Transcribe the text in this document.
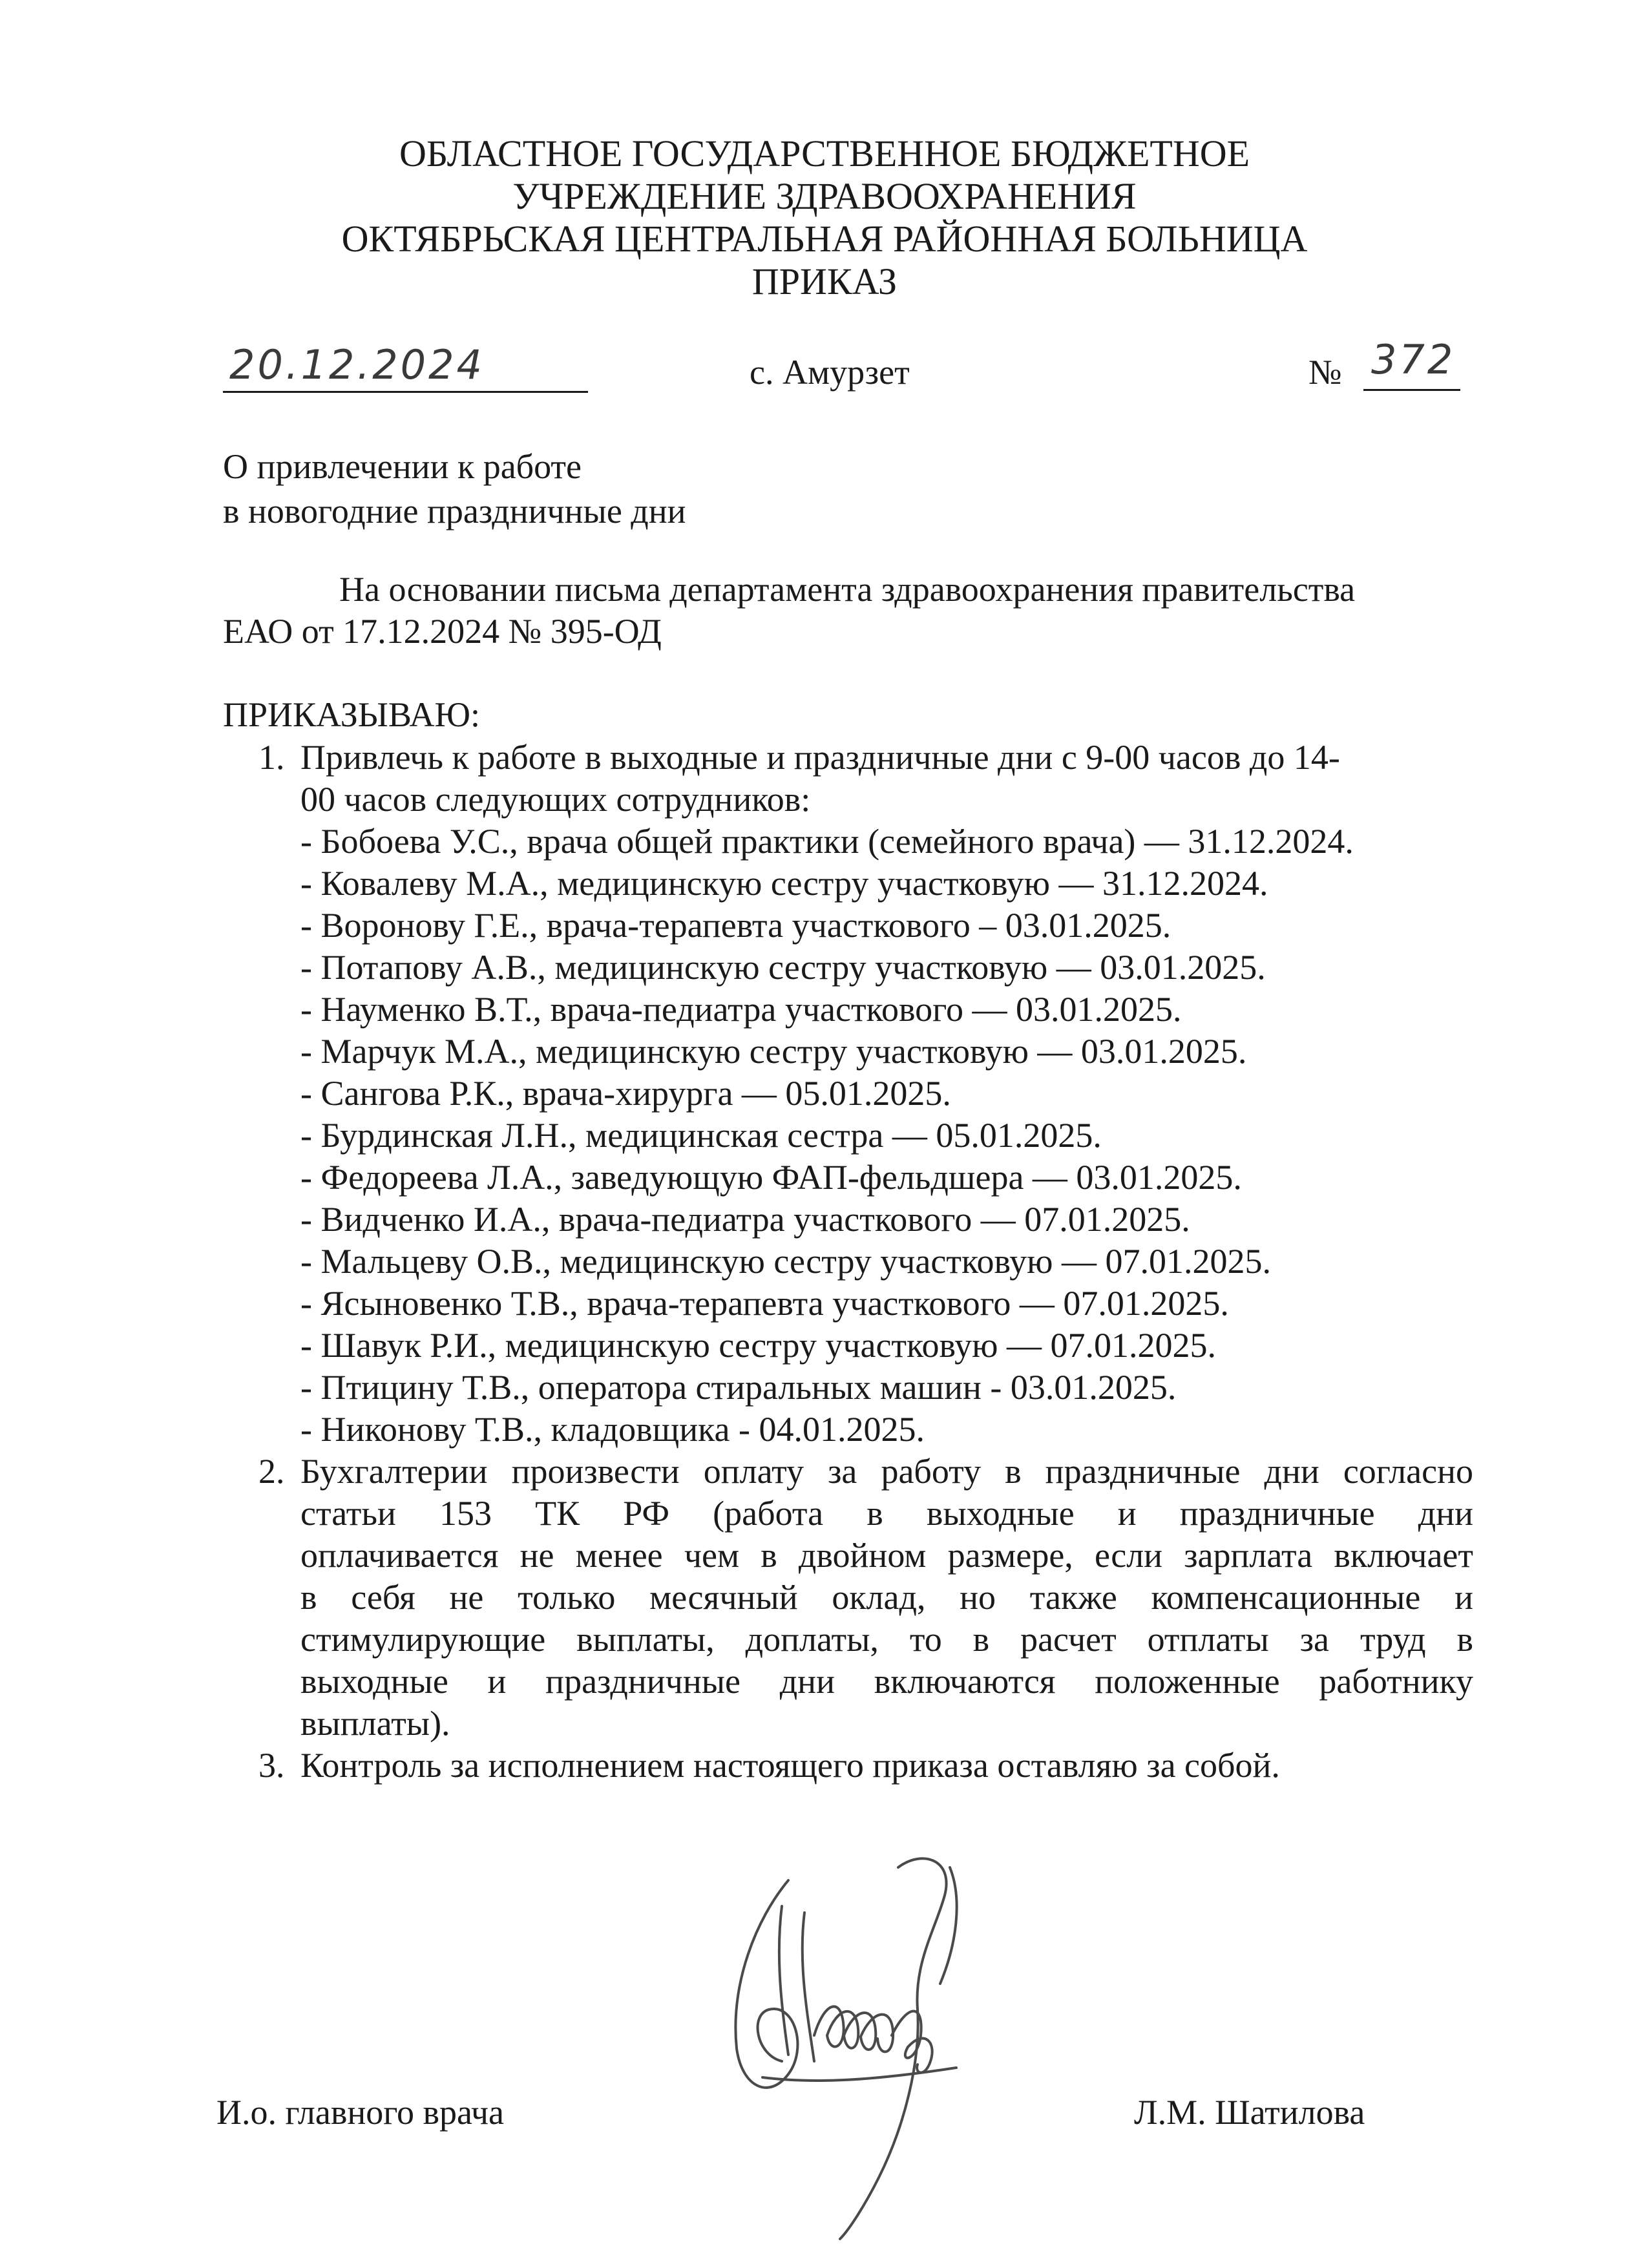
ОБЛАСТНОЕ ГОСУДАРСТВЕННОЕ БЮДЖЕТНОЕ
УЧРЕЖДЕНИЕ ЗДРАВООХРАНЕНИЯ
ОКТЯБРЬСКАЯ ЦЕНТРАЛЬНАЯ РАЙОННАЯ БОЛЬНИЦА
ПРИКАЗ
20.12.2024	с. Амурзет	№ 372
О привлечении к работе
в новогодние праздничные дни
На основании письма департамента здравоохранения правительства
ЕАО от 17.12.2024 № 395-ОД
ПРИКАЗЫВАЮ:
1. Привлечь к работе в выходные и праздничные дни с 9-00 часов до 14-
00 часов следующих сотрудников:
- Бобоева У.С., врача общей практики (семейного врача) — 31.12.2024.
- Ковалеву М.А., медицинскую сестру участковую — 31.12.2024.
- Воронову Г.Е., врача-терапевта участкового – 03.01.2025.
- Потапову А.В., медицинскую сестру участковую — 03.01.2025.
- Науменко В.Т., врача-педиатра участкового — 03.01.2025.
- Марчук М.А., медицинскую сестру участковую — 03.01.2025.
- Сангова Р.К., врача-хирурга — 05.01.2025.
- Бурдинская Л.Н., медицинская сестра — 05.01.2025.
- Федореева Л.А., заведующую ФАП-фельдшера — 03.01.2025.
- Видченко И.А., врача-педиатра участкового — 07.01.2025.
- Мальцеву О.В., медицинскую сестру участковую — 07.01.2025.
- Ясыновенко Т.В., врача-терапевта участкового — 07.01.2025.
- Шавук Р.И., медицинскую сестру участковую — 07.01.2025.
- Птицину Т.В., оператора стиральных машин - 03.01.2025.
- Никонову Т.В., кладовщика - 04.01.2025.
2. Бухгалтерии произвести оплату за работу в праздничные дни согласно
статьи 153 ТК РФ (работа в выходные и праздничные дни
оплачивается не менее чем в двойном размере, если зарплата включает
в себя не только месячный оклад, но также компенсационные и
стимулирующие выплаты, доплаты, то в расчет отплаты за труд в
выходные и праздничные дни включаются положенные работнику
выплаты).
3. Контроль за исполнением настоящего приказа оставляю за собой.
И.о. главного врача	Л.М. Шатилова
